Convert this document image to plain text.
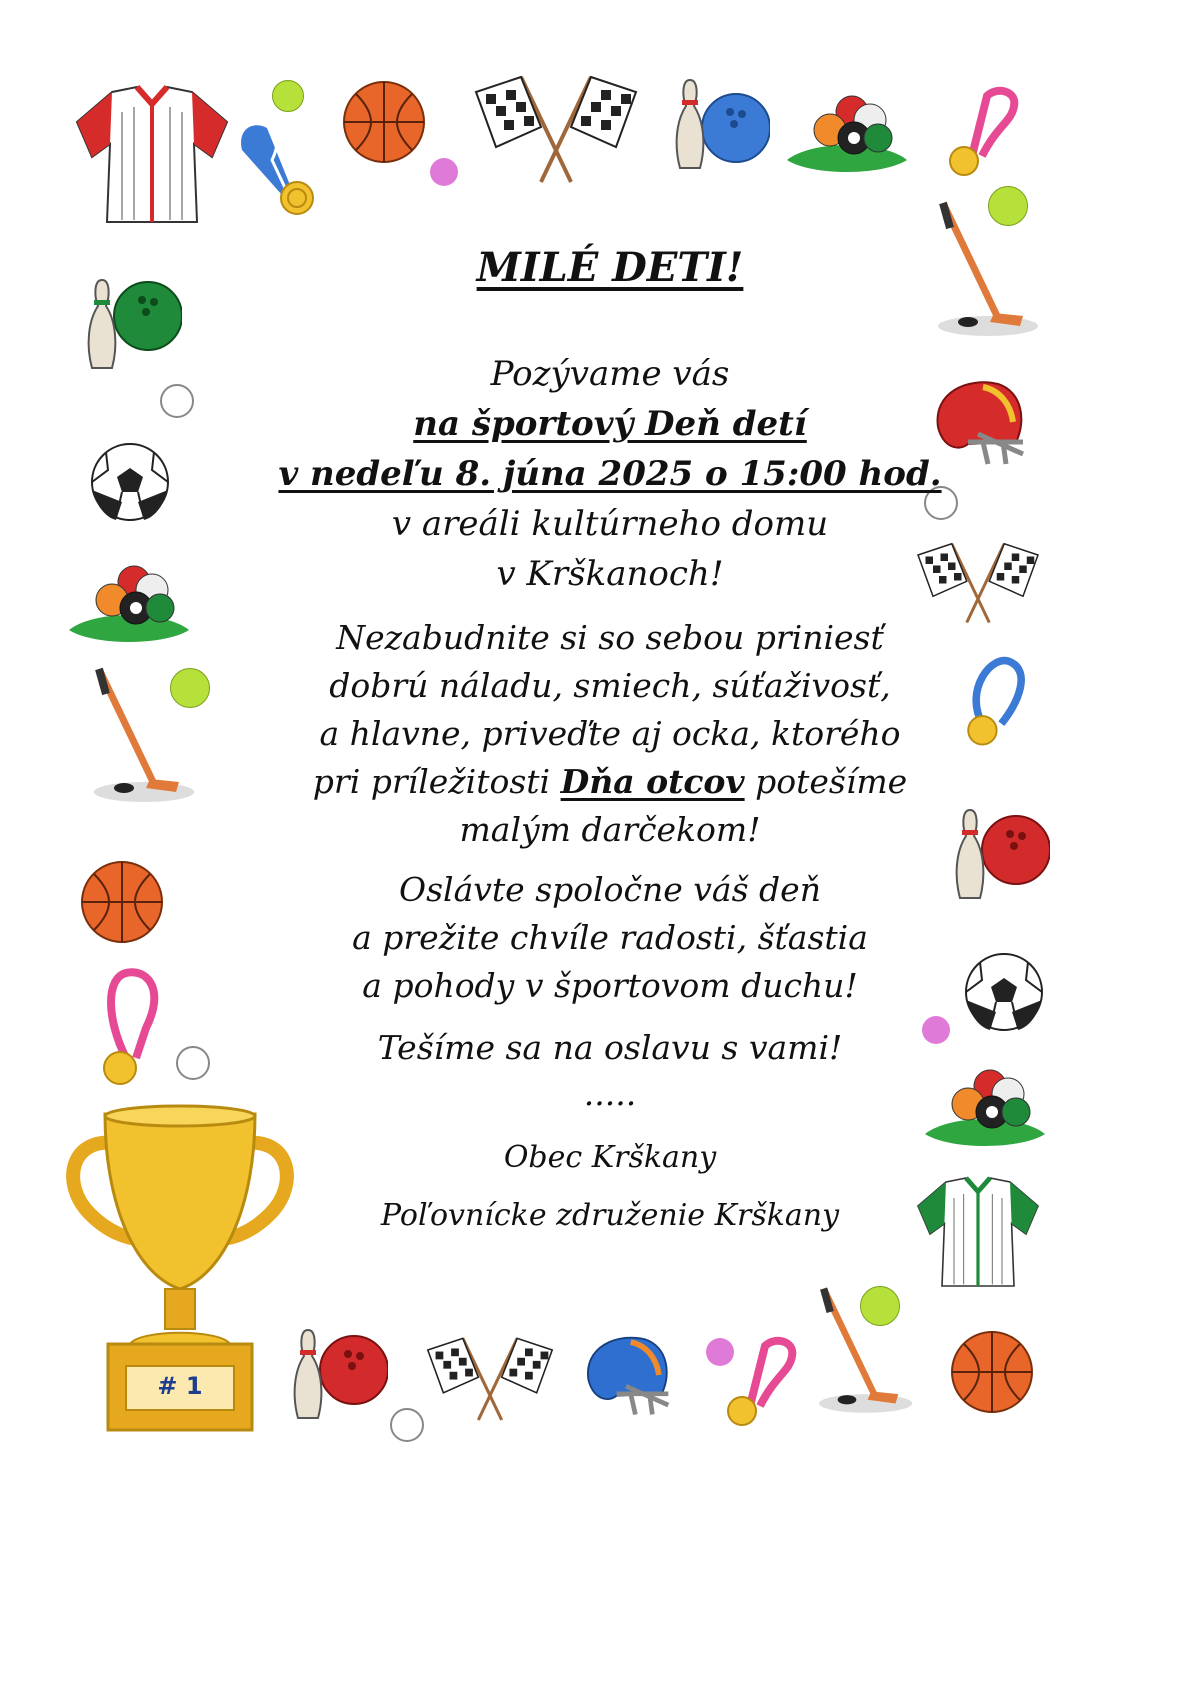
# 1
MILÉ DETI!
Pozývame vás
na športový Deň detí
v nedeľu 8. júna 2025 o 15:00 hod.
v areáli kultúrneho domu
v Krškanoch!
Nezabudnite si so sebou priniesť
dobrú náladu, smiech, súťaživosť,
a hlavne, priveďte aj ocka, ktorého
pri príležitosti Dňa otcov potešíme
malým darčekom!
Oslávte spoločne váš deň
a prežite chvíle radosti, šťastia
a pohody v športovom duchu!
Tešíme sa na oslavu s vami!
.....
Obec Krškany
Poľovnícke združenie Krškany
